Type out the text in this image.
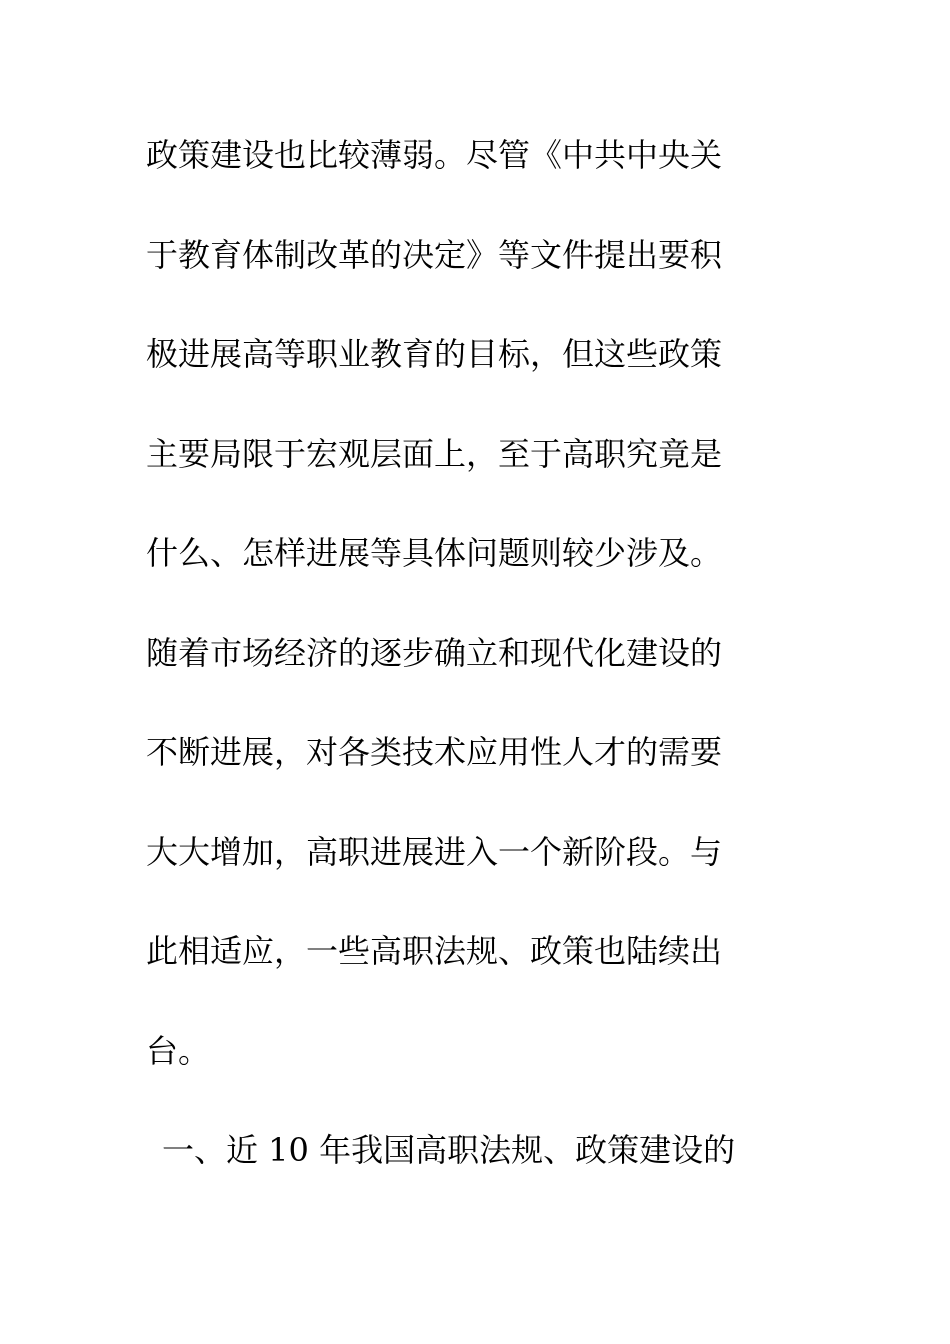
政策建设也比较薄弱。尽管《中共中央关
于教育体制改革的决定》等文件提出要积
极进展高等职业教育的目标，但这些政策
主要局限于宏观层面上，至于高职究竟是
什么、怎样进展等具体问题则较少涉及。
随着市场经济的逐步确立和现代化建设的
不断进展，对各类技术应用性人才的需要
大大增加，高职进展进入一个新阶段。与
此相适应，一些高职法规、政策也陆续出
台。
一、近 10 年我国高职法规、政策建设的
